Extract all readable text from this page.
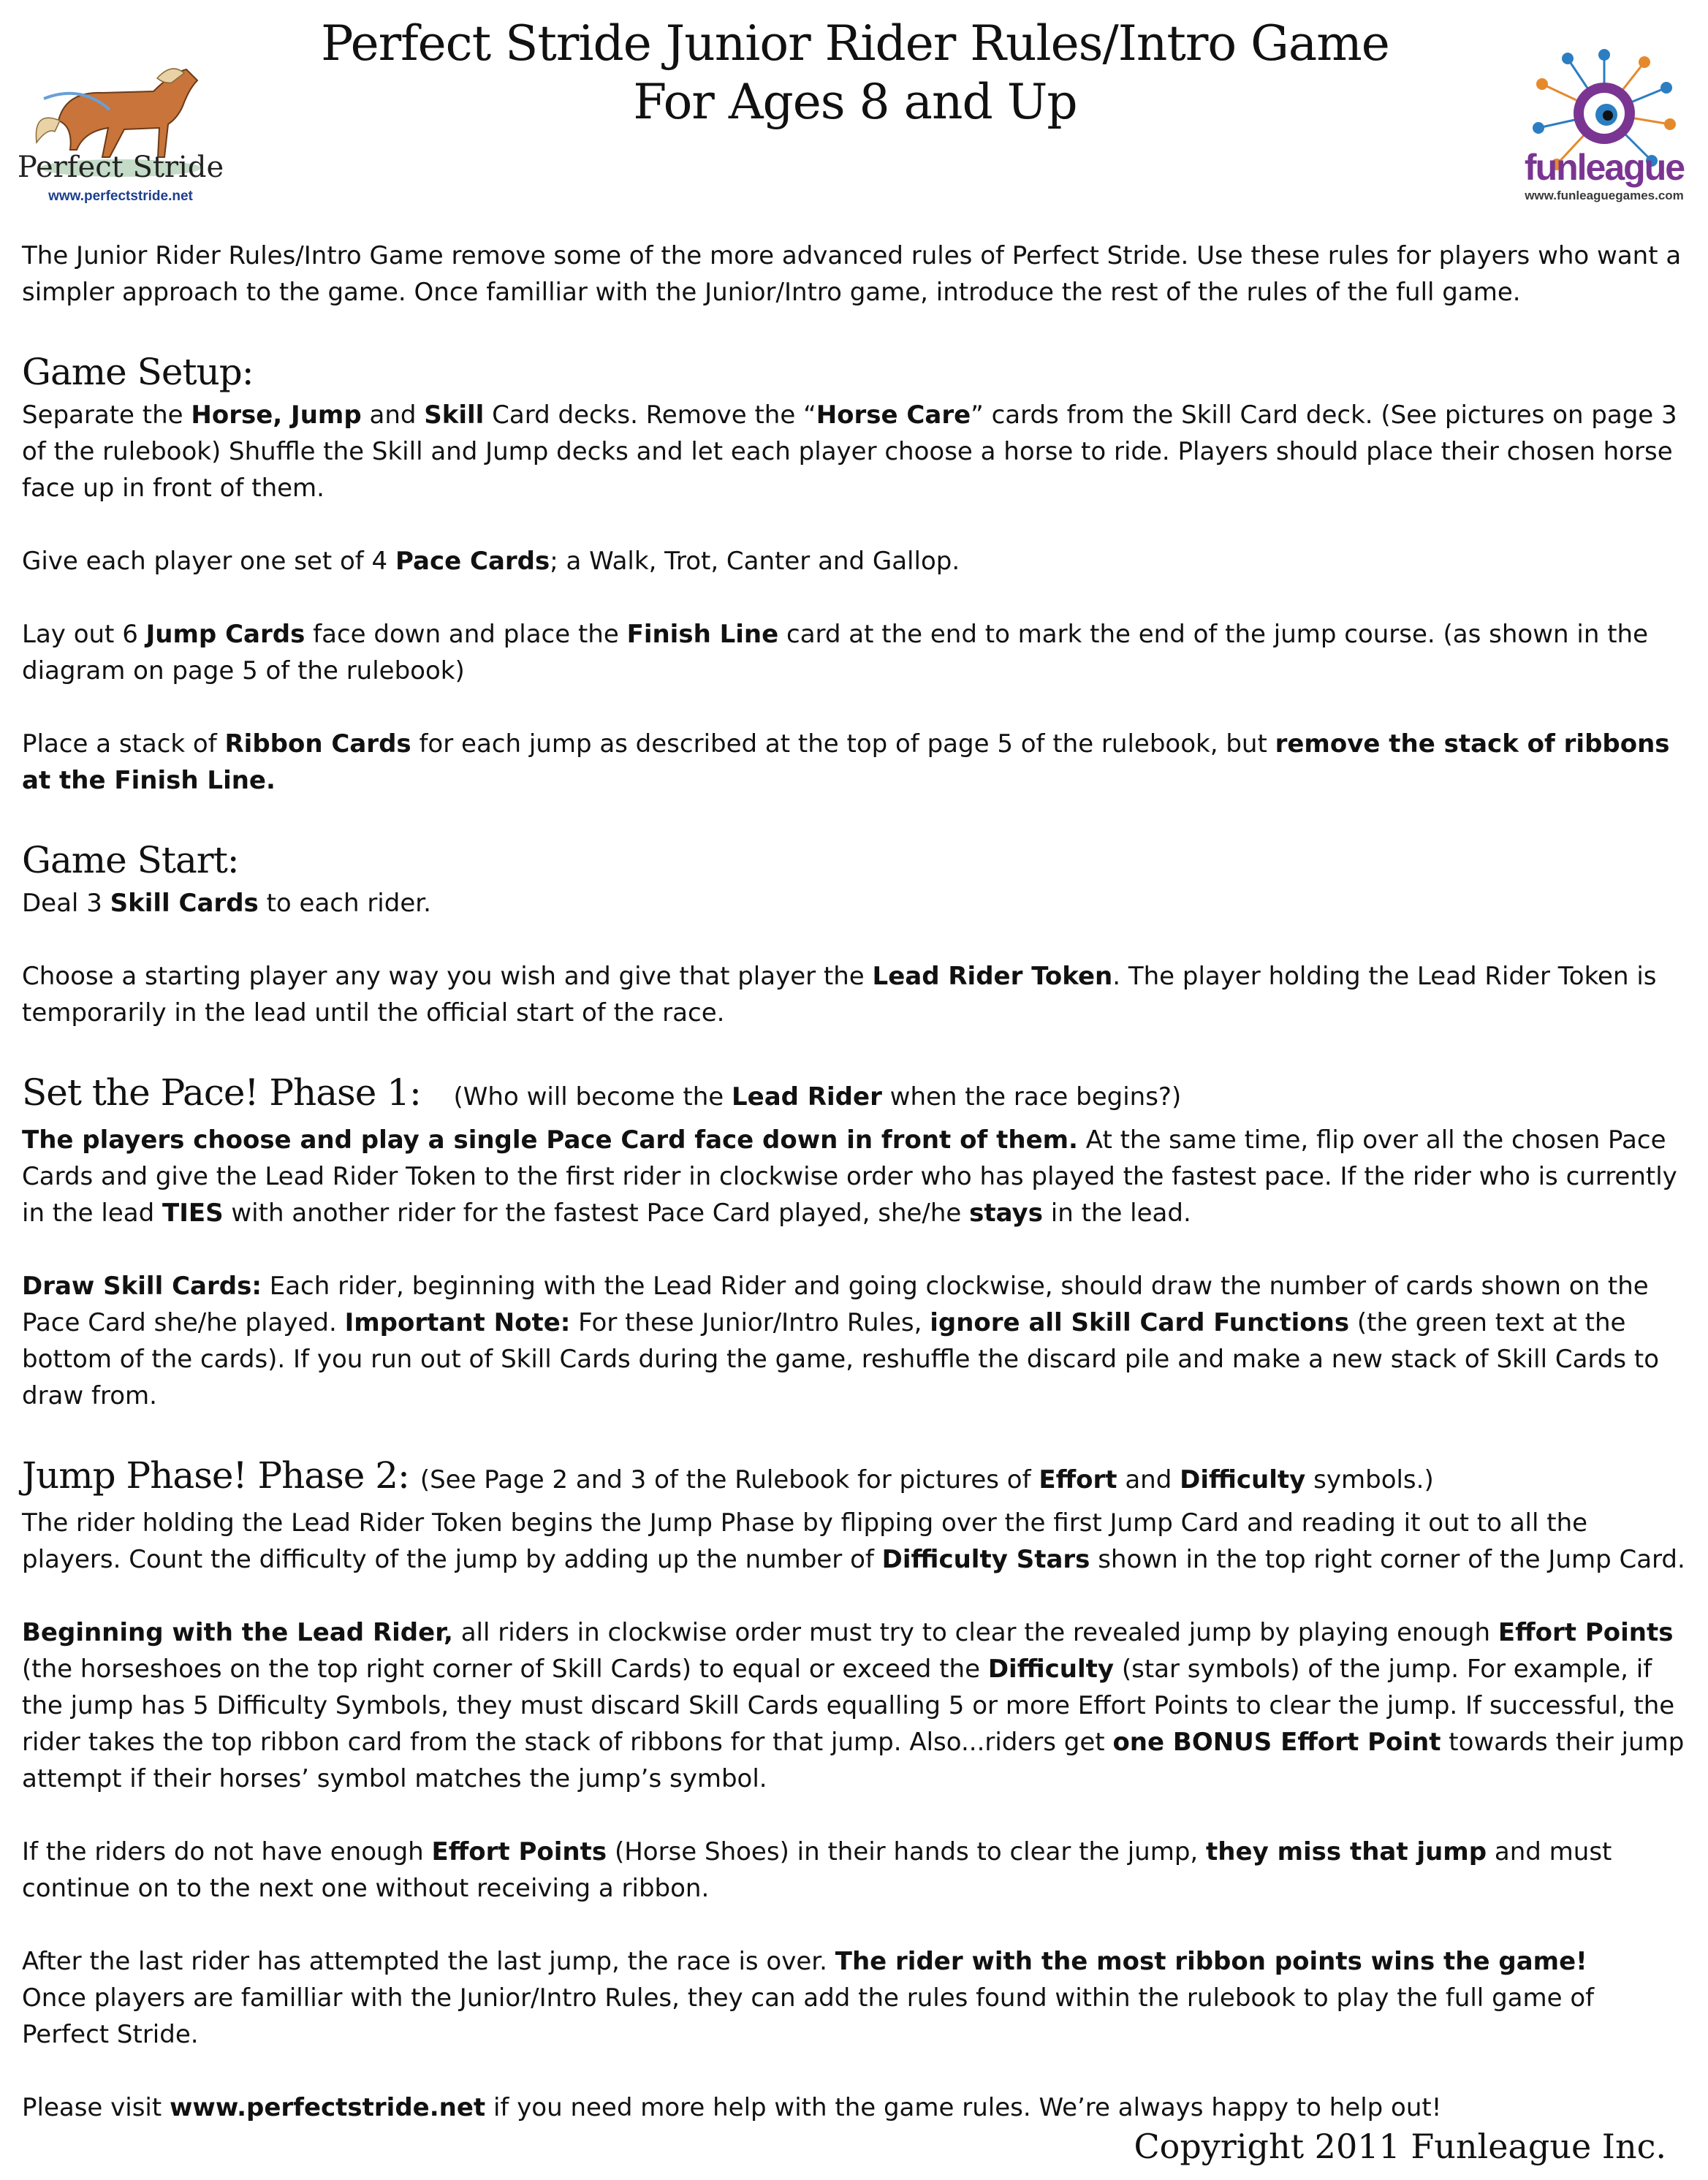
Perfect Stride
www.perfectstride.net
Perfect Stride Junior Rider Rules/Intro Game
For Ages 8 and Up
funleague
www.funleaguegames.com

The Junior Rider Rules/Intro Game remove some of the more advanced rules of Perfect Stride. Use these rules for players who want a simpler approach to the game. Once familliar with the Junior/Intro game, introduce the rest of the rules of the full game.

Game Setup:

Separate the Horse, Jump and Skill Card decks. Remove the “Horse Care” cards from the Skill Card deck. (See pictures on page 3 of the rulebook) Shuffle the Skill and Jump decks and let each player choose a horse to ride. Players should place their chosen horse face up in front of them.

Give each player one set of 4 Pace Cards; a Walk, Trot, Canter and Gallop.

Lay out 6 Jump Cards face down and place the Finish Line card at the end to mark the end of the jump course. (as shown in the diagram on page 5 of the rulebook)

Place a stack of Ribbon Cards for each jump as described at the top of page 5 of the rulebook, but remove the stack of ribbons at the Finish Line.

Game Start:

Deal 3 Skill Cards to each rider.

Choose a starting player any way you wish and give that player the Lead Rider Token. The player holding the Lead Rider Token is temporarily in the lead until the official start of the race.

Set the Pace! Phase 1: (Who will become the Lead Rider when the race begins?)

The players choose and play a single Pace Card face down in front of them. At the same time, flip over all the chosen Pace Cards and give the Lead Rider Token to the first rider in clockwise order who has played the fastest pace. If the rider who is currently in the lead TIES with another rider for the fastest Pace Card played, she/he stays in the lead.

Draw Skill Cards: Each rider, beginning with the Lead Rider and going clockwise, should draw the number of cards shown on the Pace Card she/he played. Important Note: For these Junior/Intro Rules, ignore all Skill Card Functions (the green text at the bottom of the cards). If you run out of Skill Cards during the game, reshuffle the discard pile and make a new stack of Skill Cards to draw from.

Jump Phase! Phase 2: (See Page 2 and 3 of the Rulebook for pictures of Effort and Difficulty symbols.)

The rider holding the Lead Rider Token begins the Jump Phase by flipping over the first Jump Card and reading it out to all the players. Count the difficulty of the jump by adding up the number of Difficulty Stars shown in the top right corner of the Jump Card.

Beginning with the Lead Rider, all riders in clockwise order must try to clear the revealed jump by playing enough Effort Points (the horseshoes on the top right corner of Skill Cards) to equal or exceed the Difficulty (star symbols) of the jump. For example, if the jump has 5 Difficulty Symbols, they must discard Skill Cards equalling 5 or more Effort Points to clear the jump. If successful, the rider takes the top ribbon card from the stack of ribbons for that jump. Also...riders get one BONUS Effort Point towards their jump attempt if their horses’ symbol matches the jump’s symbol.

If the riders do not have enough Effort Points (Horse Shoes) in their hands to clear the jump, they miss that jump and must continue on to the next one without receiving a ribbon.

After the last rider has attempted the last jump, the race is over. The rider with the most ribbon points wins the game!

Once players are familliar with the Junior/Intro Rules, they can add the rules found within the rulebook to play the full game of Perfect Stride.

Please visit www.perfectstride.net if you need more help with the game rules. We’re always happy to help out!

Copyright 2011 Funleague Inc.
